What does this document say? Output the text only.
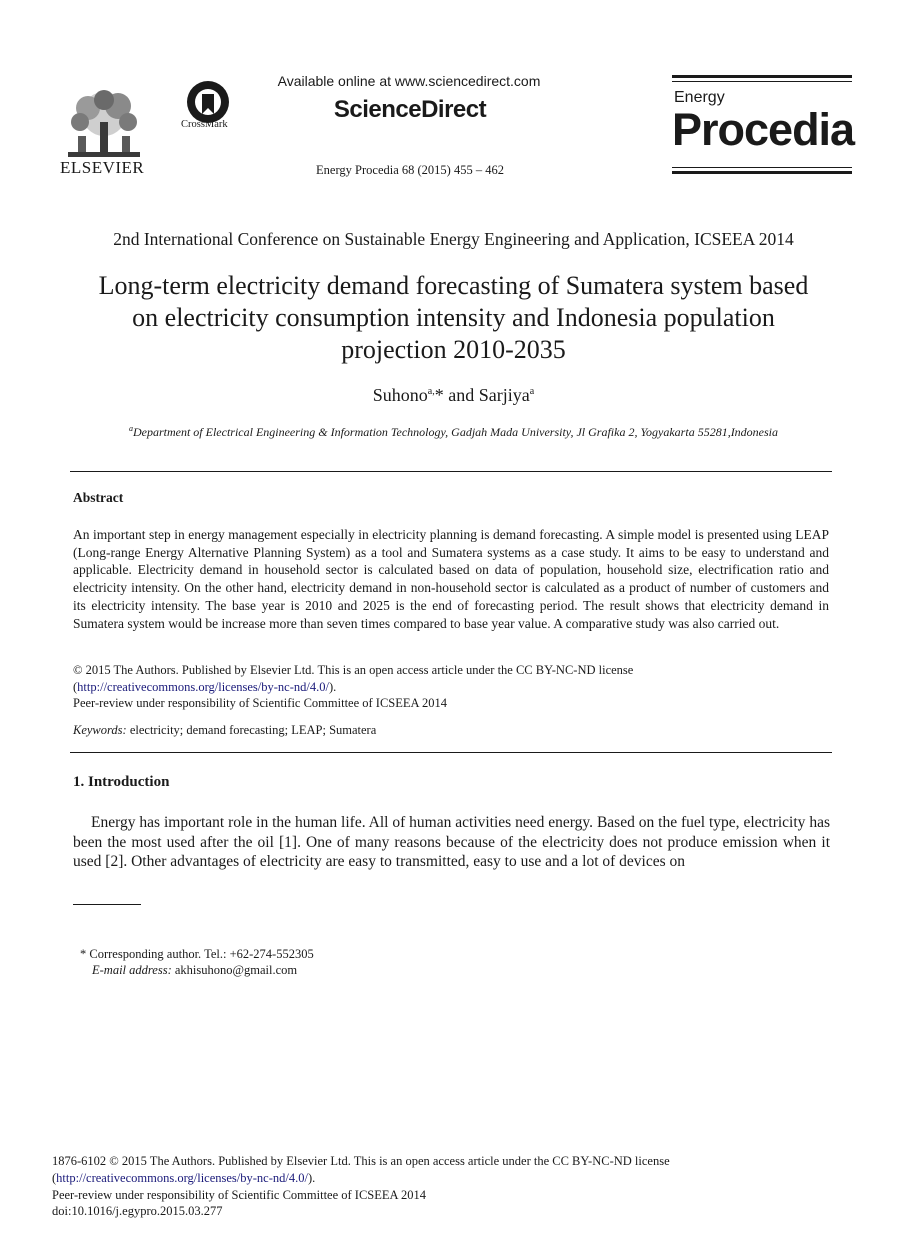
ELSEVIER
CrossMark
Available online at www.sciencedirect.com
ScienceDirect
Energy Procedia 68 (2015) 455 – 462
Energy
Procedia
2nd International Conference on Sustainable Energy Engineering and Application, ICSEEA 2014
Long-term electricity demand forecasting of Sumatera system based
on electricity consumption intensity and Indonesia population
projection 2010-2035
Suhono$^{a,}$* and Sarjiya$^a$
$^a$Department of Electrical Engineering & Information Technology, Gadjah Mada University, Jl Grafika 2, Yogyakarta 55281,Indonesia
Abstract
An important step in energy management especially in electricity planning is demand forecasting. A simple model is presented using LEAP (Long-range Energy Alternative Planning System) as a tool and Sumatera systems as a case study. It aims to be easy to understand and applicable. Electricity demand in household sector is calculated based on data of population, household size, electrification ratio and electricity intensity. On the other hand, electricity demand in non-household sector is calculated as a product of number of customers and its electricity intensity. The base year is 2010 and 2025 is the end of forecasting period. The result shows that electricity demand in Sumatera system would be increase more than seven times compared to base year value. A comparative study was also carried out.
© 2015 The Authors. Published by Elsevier Ltd. This is an open access article under the CC BY-NC-ND license
(http://creativecommons.org/licenses/by-nc-nd/4.0/).
Peer-review under responsibility of Scientific Committee of ICSEEA 2014
Keywords: electricity; demand forecasting; LEAP; Sumatera
1. Introduction
Energy has important role in the human life. All of human activities need energy. Based on the fuel type, electricity has been the most used after the oil [1]. One of many reasons because of the electricity does not produce emission when it used [2]. Other advantages of electricity are easy to transmitted, easy to use and a lot of devices on
* Corresponding author. Tel.: +62-274-552305
E-mail address: akhisuhono@gmail.com
1876-6102 © 2015 The Authors. Published by Elsevier Ltd. This is an open access article under the CC BY-NC-ND license
(http://creativecommons.org/licenses/by-nc-nd/4.0/).
Peer-review under responsibility of Scientific Committee of ICSEEA 2014
doi:10.1016/j.egypro.2015.03.277
